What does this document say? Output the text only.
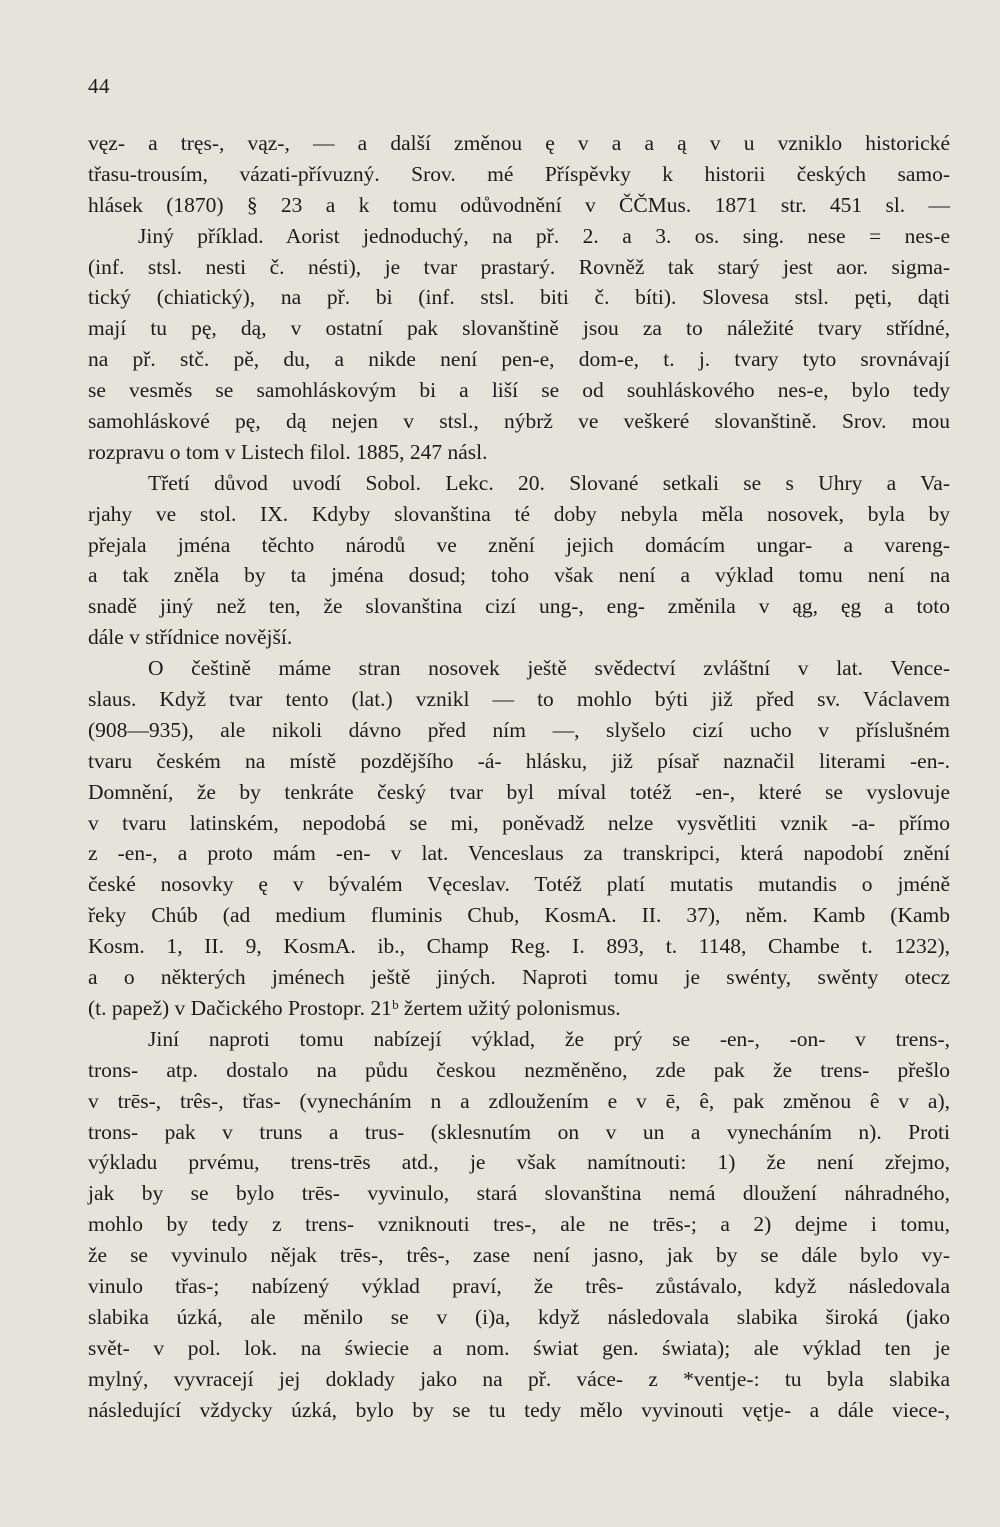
44
vęz- a tręs-, vąz-, — a další změnou ę v a a ą v u vzniklo historické
třasu-trousím, vázati-přívuzný. Srov. mé Příspěvky k historii českých samo-
hlásek (1870) § 23 a k tomu odůvodnění v ČČMus. 1871 str. 451 sl. —
Jiný příklad. Aorist jednoduchý, na př. 2. a 3. os. sing. nese = nes-e
(inf. stsl. nesti č. nésti), je tvar prastarý. Rovněž tak starý jest aor. sigma-
tický (chiatický), na př. bi (inf. stsl. biti č. bíti). Slovesa stsl. pęti, dąti
mají tu pę, dą, v ostatní pak slovanštině jsou za to náležité tvary střídné,
na př. stč. pě, du, a nikde není pen-e, dom-e, t. j. tvary tyto srovnávají
se vesměs se samohláskovým bi a liší se od souhláskového nes-e, bylo tedy
samohláskové pę, dą nejen v stsl., nýbrž ve veškeré slovanštině. Srov. mou
rozpravu o tom v Listech filol. 1885, 247 násl.
Třetí důvod uvodí Sobol. Lekc. 20. Slované setkali se s Uhry a Va-
rjahy ve stol. IX. Kdyby slovanština té doby nebyla měla nosovek, byla by
přejala jména těchto národů ve znění jejich domácím ungar- a vareng-
a tak zněla by ta jména dosud; toho však není a výklad tomu není na
snadě jiný než ten, že slovanština cizí ung-, eng- změnila v ąg, ęg a toto
dále v střídnice novější.
O češtině máme stran nosovek ještě svědectví zvláštní v lat. Vence-
slaus. Když tvar tento (lat.) vznikl — to mohlo býti již před sv. Václavem
(908—935), ale nikoli dávno před ním —, slyšelo cizí ucho v příslušném
tvaru českém na místě pozdějšího -á- hlásku, již písař naznačil literami -en-.
Domnění, že by tenkráte český tvar byl míval totéž -en-, které se vyslovuje
v tvaru latinském, nepodobá se mi, poněvadž nelze vysvětliti vznik -a- přímo
z -en-, a proto mám -en- v lat. Venceslaus za transkripci, která napodobí znění
české nosovky ę v bývalém Vęceslav. Totéž platí mutatis mutandis o jméně
řeky Chúb (ad medium fluminis Chub, KosmA. II. 37), něm. Kamb (Kamb
Kosm. 1, II. 9, KosmA. ib., Champ Reg. I. 893, t. 1148, Chambe t. 1232),
a o některých jménech ještě jiných. Naproti tomu je swénty, swěnty otecz
(t. papež) v Dačického Prostopr. 21ᵇ žertem užitý polonismus.
Jiní naproti tomu nabízejí výklad, že prý se -en-, -on- v trens-,
trons- atp. dostalo na půdu českou nezměněno, zde pak že trens- přešlo
v trēs-, três-, třas- (vynecháním n a zdloužením e v ē, ê, pak změnou ê v a),
trons- pak v truns a trus- (sklesnutím on v un a vynecháním n). Proti
výkladu prvému, trens-trēs atd., je však namítnouti: 1) že není zřejmo,
jak by se bylo trēs- vyvinulo, stará slovanština nemá dloužení náhradného,
mohlo by tedy z trens- vzniknouti tres-, ale ne trēs-; a 2) dejme i tomu,
že se vyvinulo nějak trēs-, três-, zase není jasno, jak by se dále bylo vy-
vinulo třas-; nabízený výklad praví, že três- zůstávalo, když následovala
slabika úzká, ale měnilo se v (i)a, když následovala slabika široká (jako
svět- v pol. lok. na świecie a nom. świat gen. świata); ale výklad ten je
mylný, vyvracejí jej doklady jako na př. váce- z *ventje-: tu byla slabika
následující vždycky úzká, bylo by se tu tedy mělo vyvinouti vętje- a dále viece-,
